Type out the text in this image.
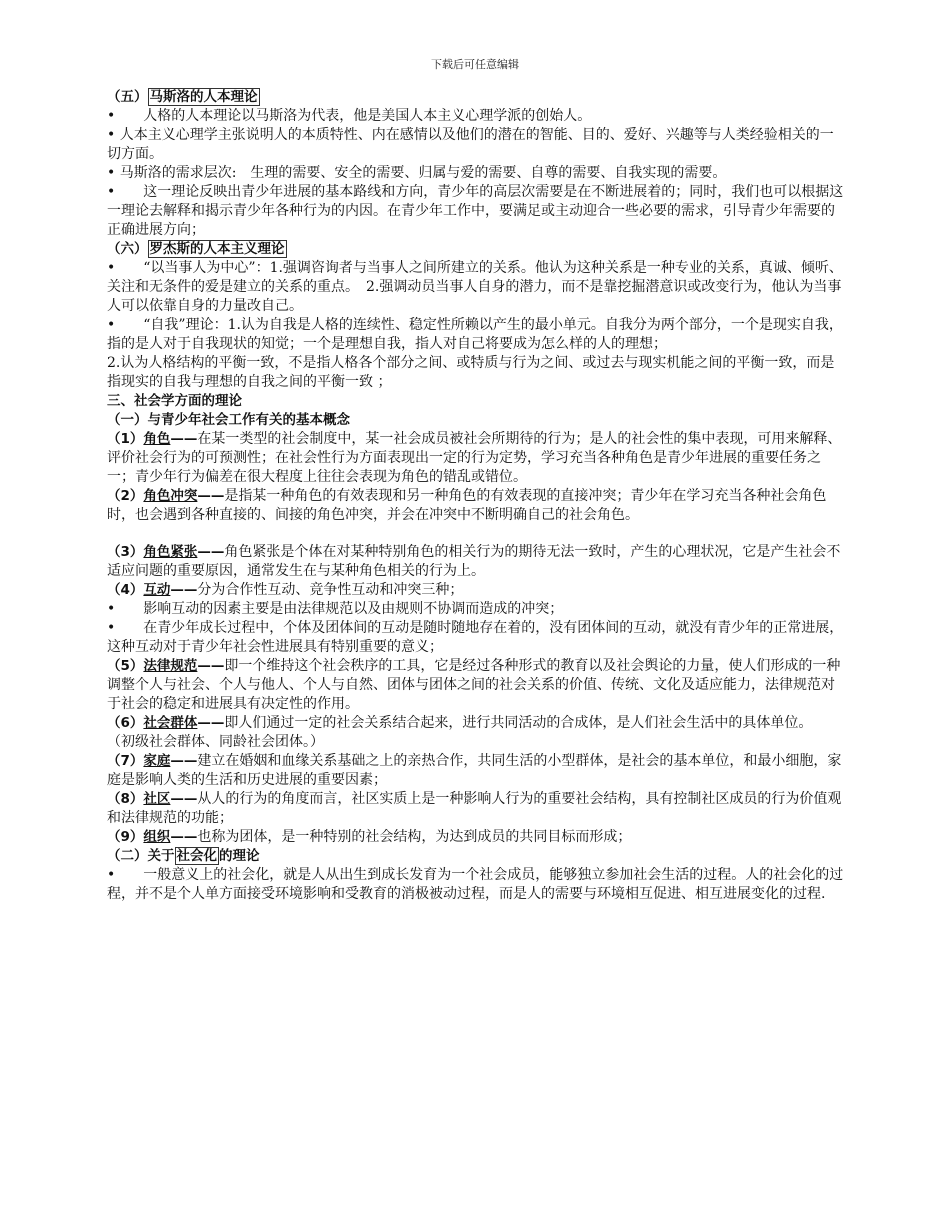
下载后可任意编辑
（五） 马斯洛的人本理论
•　　人格的人本理论以马斯洛为代表，他是美国人本主义心理学派的创始人。
• 人本主义心理学主张说明人的本质特性、内在感情以及他们的潜在的智能、目的、爱好、兴趣等与人类经验相关的一切方面。
• 马斯洛的需求层次:　生理的需要、安全的需要、归属与爱的需要、自尊的需要、自我实现的需要。
•　　这一理论反映出青少年进展的基本路线和方向，青少年的高层次需要是在不断进展着的；同时，我们也可以根据这一理论去解释和揭示青少年各种行为的内因。在青少年工作中，要满足或主动迎合一些必要的需求，引导青少年需要的正确进展方向；
（六） 罗杰斯的人本主义理论
•　　“以当事人为中心”：1.强调咨询者与当事人之间所建立的关系。他认为这种关系是一种专业的关系，真诚、倾听、关注和无条件的爱是建立的关系的重点。　2.强调动员当事人自身的潜力，而不是靠挖掘潜意识或改变行为，他认为当事人可以依靠自身的力量改自己。
•　　“自我”理论：1.认为自我是人格的连续性、稳定性所赖以产生的最小单元。自我分为两个部分，一个是现实自我，指的是人对于自我现状的知觉；一个是理想自我，指人对自己将要成为怎么样的人的理想；
2.认为人格结构的平衡一致，不是指人格各个部分之间、或特质与行为之间、或过去与现实机能之间的平衡一致，而是指现实的自我与理想的自我之间的平衡一致 ；
三、社会学方面的理论
（一）与青少年社会工作有关的基本概念
（1）角色——在某一类型的社会制度中，某一社会成员被社会所期待的行为；是人的社会性的集中表现，可用来解释、评价社会行为的可预测性；在社会性行为方面表现出一定的行为定势，学习充当各种角色是青少年进展的重要任务之一；青少年行为偏差在很大程度上往往会表现为角色的错乱或错位。
（2）角色冲突——是指某一种角色的有效表现和另一种角色的有效表现的直接冲突；青少年在学习充当各种社会角色时，也会遇到各种直接的、间接的角色冲突，并会在冲突中不断明确自己的社会角色。
（3）角色紧张——角色紧张是个体在对某种特别角色的相关行为的期待无法一致时，产生的心理状况，它是产生社会不适应问题的重要原因，通常发生在与某种角色相关的行为上。
（4）互动——分为合作性互动、竞争性互动和冲突三种；
•　　影响互动的因素主要是由法律规范以及由规则不协调而造成的冲突；
•　　在青少年成长过程中，个体及团体间的互动是随时随地存在着的，没有团体间的互动，就没有青少年的正常进展，这种互动对于青少年社会性进展具有特别重要的意义；
（5）法律规范——即一个维持这个社会秩序的工具，它是经过各种形式的教育以及社会舆论的力量，使人们形成的一种调整个人与社会、个人与他人、个人与自然、团体与团体之间的社会关系的价值、传统、文化及适应能力，法律规范对于社会的稳定和进展具有决定性的作用。
（6）社会群体——即人们通过一定的社会关系结合起来，进行共同活动的合成体，是人们社会生活中的具体单位。　　　　（初级社会群体、同龄社会团体。）
（7）家庭——建立在婚姻和血缘关系基础之上的亲热合作，共同生活的小型群体，是社会的基本单位，和最小细胞，家庭是影响人类的生活和历史进展的重要因素；
（8）社区——从人的行为的角度而言，社区实质上是一种影响人行为的重要社会结构，具有控制社区成员的行为价值观和法律规范的功能；
（9）组织——也称为团体，是一种特别的社会结构，为达到成员的共同目标而形成；
（二）关于 社会化 的理论
•　　一般意义上的社会化，就是人从出生到成长发育为一个社会成员，能够独立参加社会生活的过程。人的社会化的过程，并不是个人单方面接受环境影响和受教育的消极被动过程，而是人的需要与环境相互促进、相互进展变化的过程.
